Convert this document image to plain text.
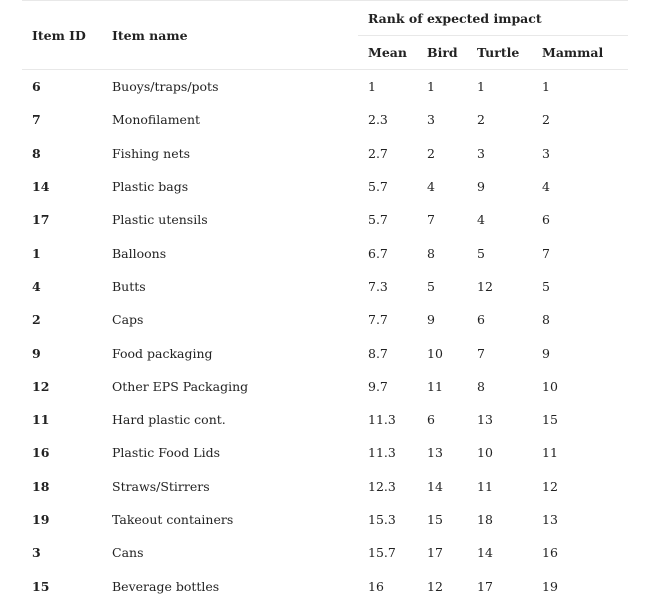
Item ID	Item name	Rank of expected impact			
		Mean	Bird	Turtle	Mammal
6	Buoys/traps/pots	1	1	1	1
7	Monofilament	2.3	3	2	2
8	Fishing nets	2.7	2	3	3
14	Plastic bags	5.7	4	9	4
17	Plastic utensils	5.7	7	4	6
1	Balloons	6.7	8	5	7
4	Butts	7.3	5	12	5
2	Caps	7.7	9	6	8
9	Food packaging	8.7	10	7	9
12	Other EPS Packaging	9.7	11	8	10
11	Hard plastic cont.	11.3	6	13	15
16	Plastic Food Lids	11.3	13	10	11
18	Straws/Stirrers	12.3	14	11	12
19	Takeout containers	15.3	15	18	13
3	Cans	15.7	17	14	16
15	Beverage bottles	16	12	17	19
